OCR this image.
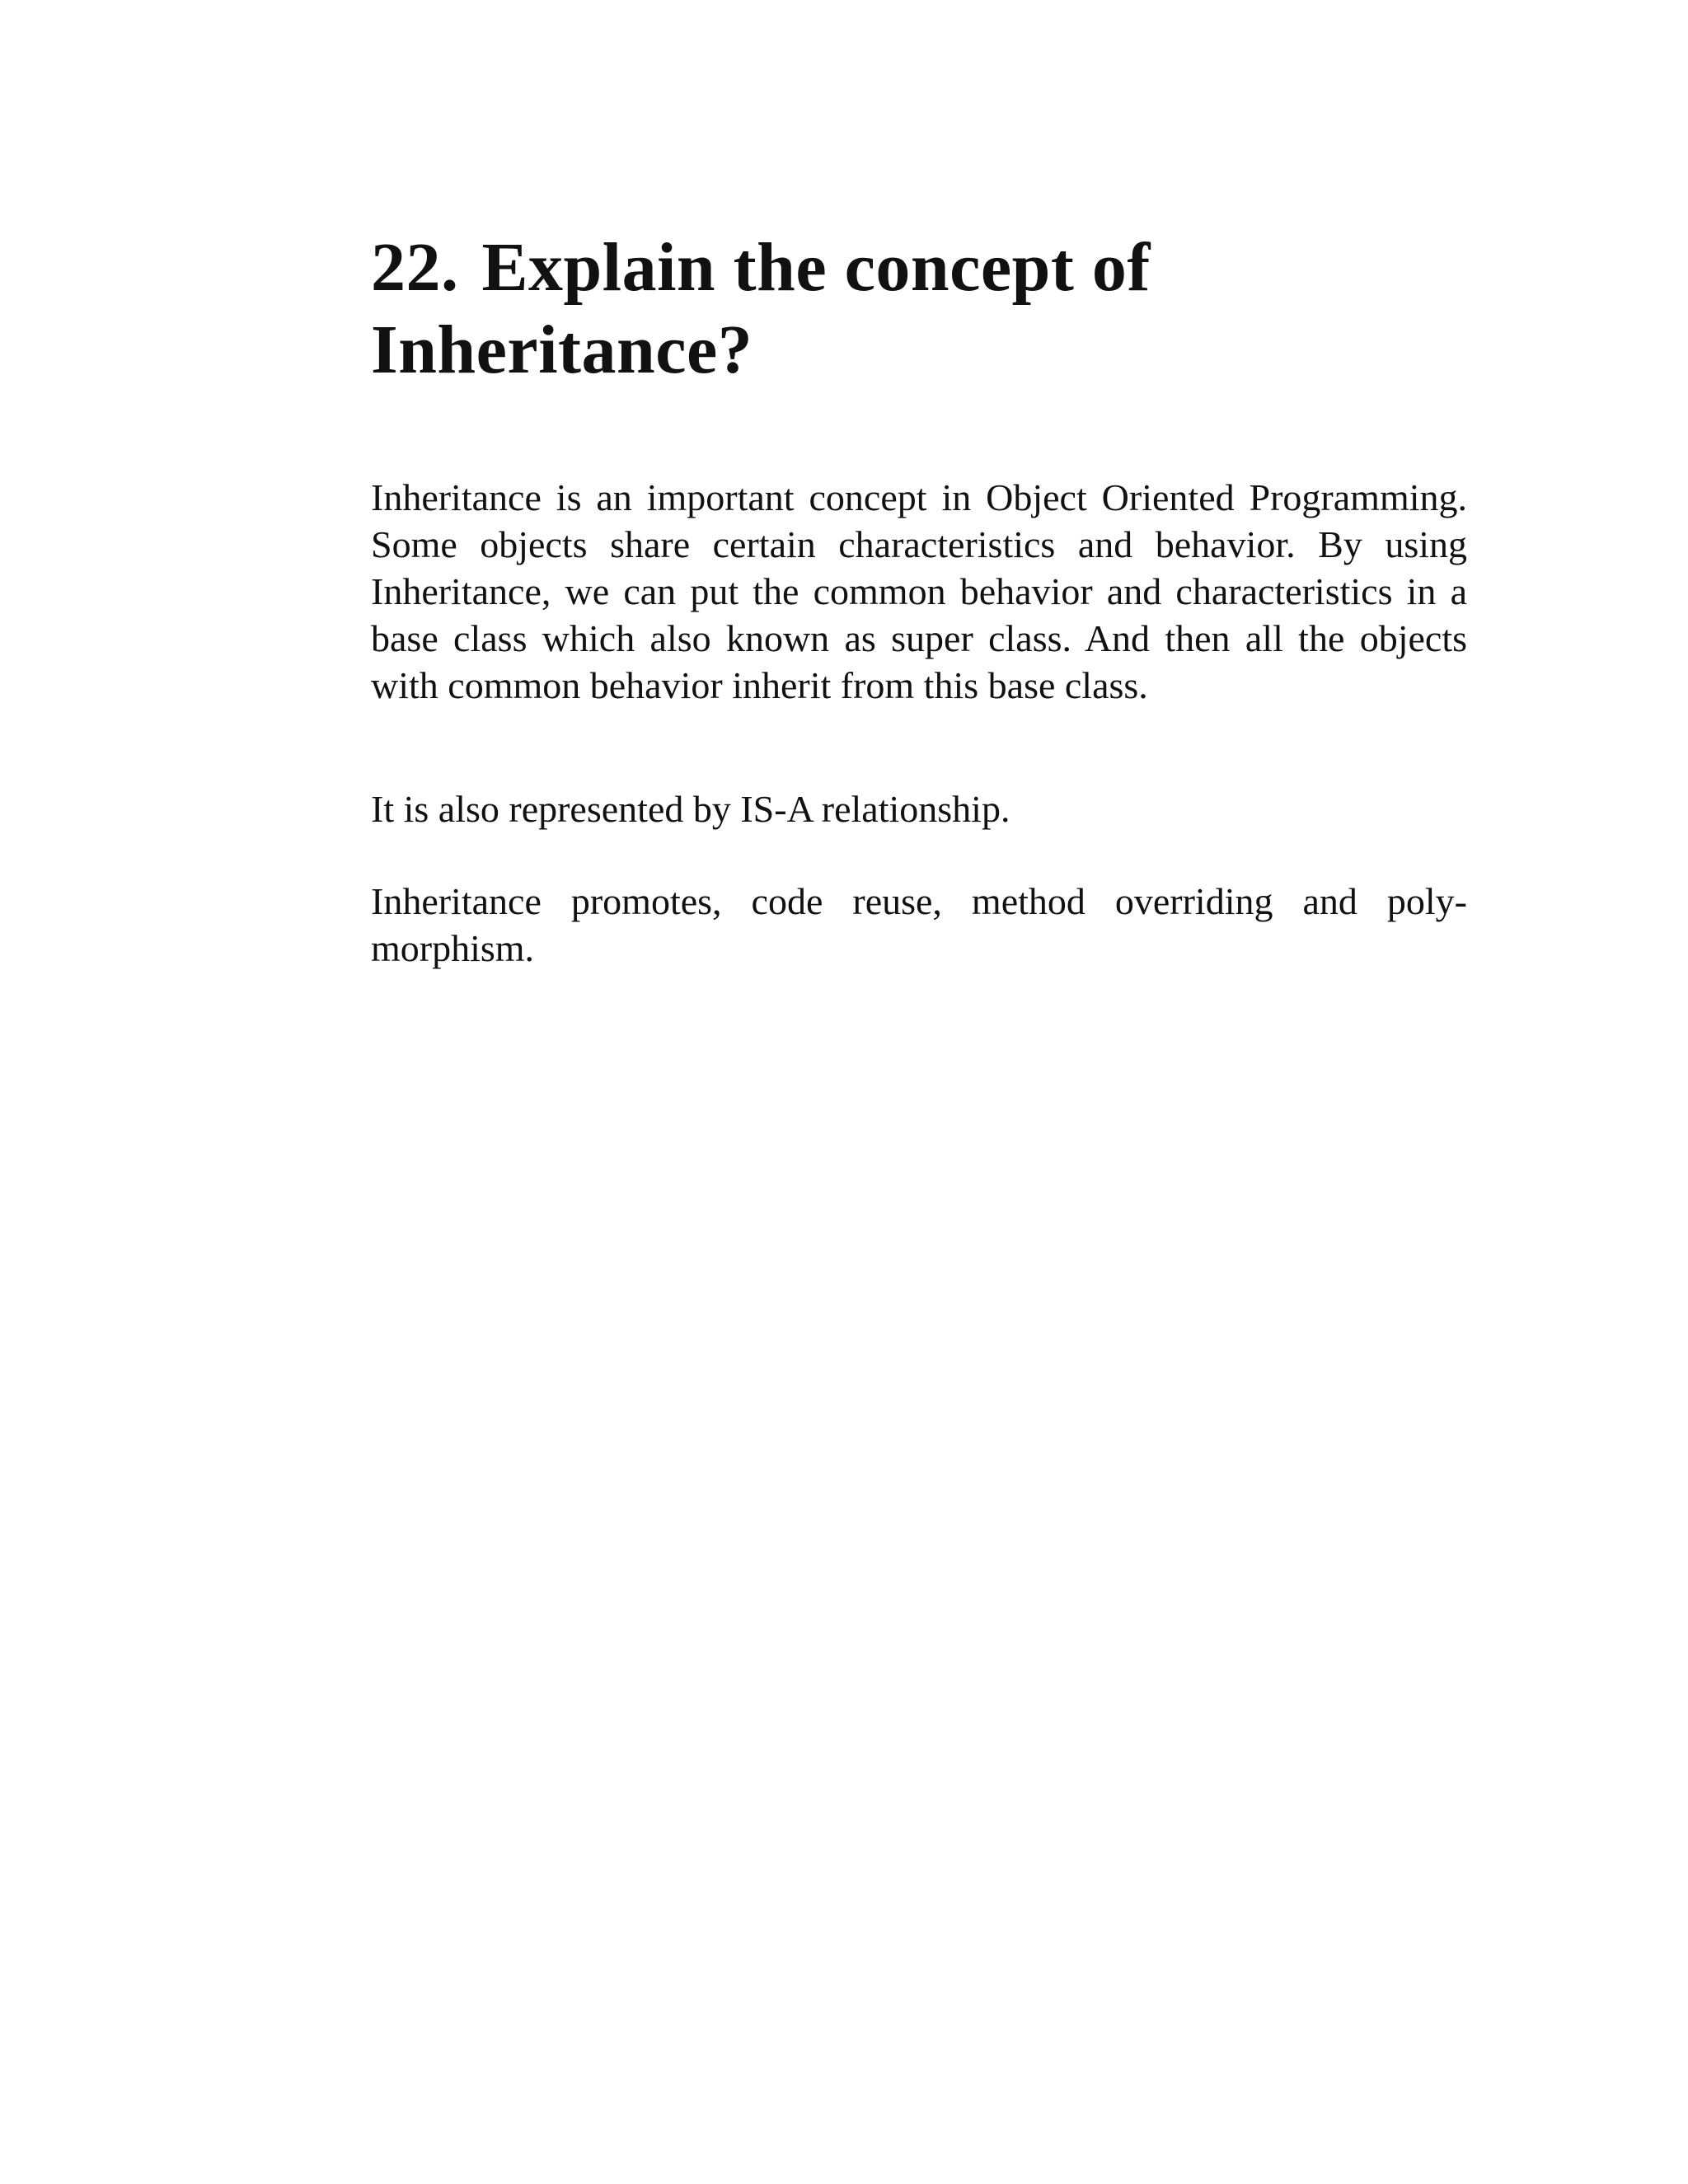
22. Explain the concept of
Inheritance?

Inheritance is an important concept in Object Oriented Programming. Some objects share certain characteristics and behavior. By using Inheritance, we can put the common behavior and characteristics in a base class which also known as super class. And then all the objects with common behavior inherit from this base class.

It is also represented by IS-A relationship.

Inheritance promotes, code reuse, method overriding and poly-morphism.
